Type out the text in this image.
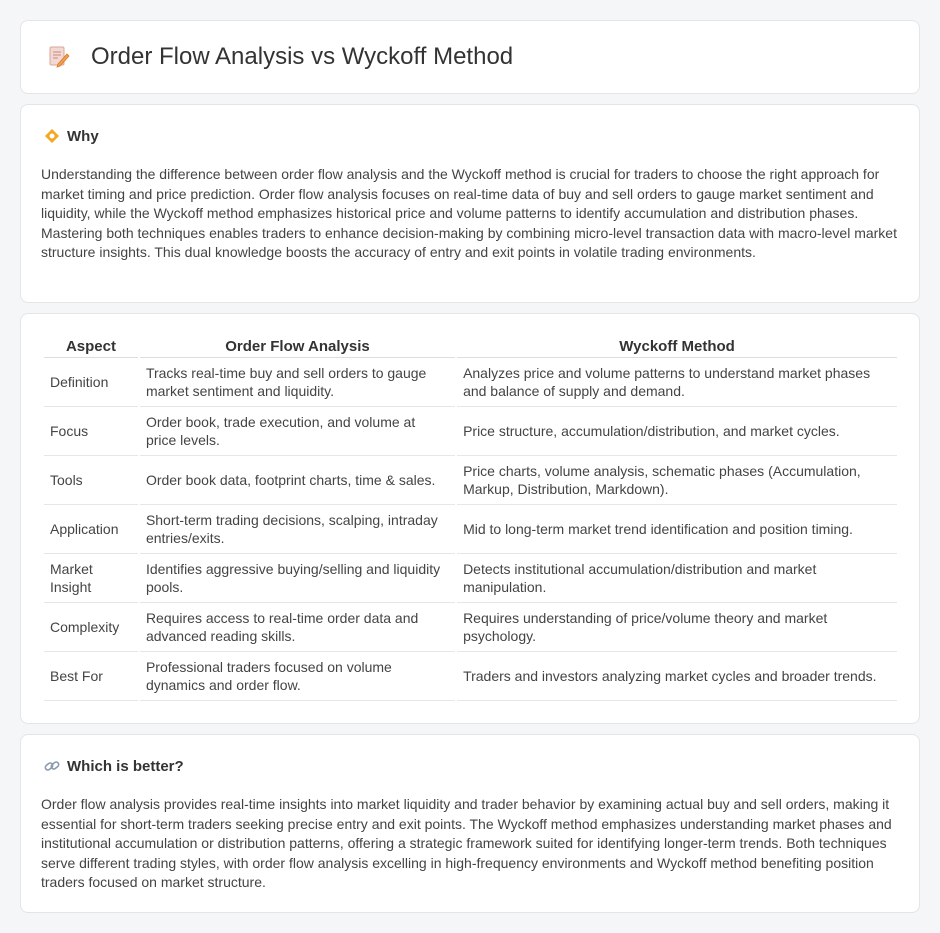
Order Flow Analysis vs Wyckoff Method
Why

Understanding the difference between order flow analysis and the Wyckoff method is crucial for traders to choose the right approach for market timing and price prediction. Order flow analysis focuses on real-time data of buy and sell orders to gauge market sentiment and liquidity, while the Wyckoff method emphasizes historical price and volume patterns to identify accumulation and distribution phases. Mastering both techniques enables traders to enhance decision-making by combining micro-level transaction data with macro-level market structure insights. This dual knowledge boosts the accuracy of entry and exit points in volatile trading environments.

Aspect	Order Flow Analysis	Wyckoff Method
Definition	Tracks real-time buy and sell orders to gauge market sentiment and liquidity.	Analyzes price and volume patterns to understand market phases and balance of supply and demand.
Focus	Order book, trade execution, and volume at price levels.	Price structure, accumulation/distribution, and market cycles.
Tools	Order book data, footprint charts, time & sales.	Price charts, volume analysis, schematic phases (Accumulation, Markup, Distribution, Markdown).
Application	Short-term trading decisions, scalping, intraday entries/exits.	Mid to long-term market trend identification and position timing.
Market Insight	Identifies aggressive buying/selling and liquidity pools.	Detects institutional accumulation/distribution and market manipulation.
Complexity	Requires access to real-time order data and advanced reading skills.	Requires understanding of price/volume theory and market psychology.
Best For	Professional traders focused on volume dynamics and order flow.	Traders and investors analyzing market cycles and broader trends.
Which is better?

Order flow analysis provides real-time insights into market liquidity and trader behavior by examining actual buy and sell orders, making it essential for short-term traders seeking precise entry and exit points. The Wyckoff method emphasizes understanding market phases and institutional accumulation or distribution patterns, offering a strategic framework suited for identifying longer-term trends. Both techniques serve different trading styles, with order flow analysis excelling in high-frequency environments and Wyckoff method benefiting position traders focused on market structure.
